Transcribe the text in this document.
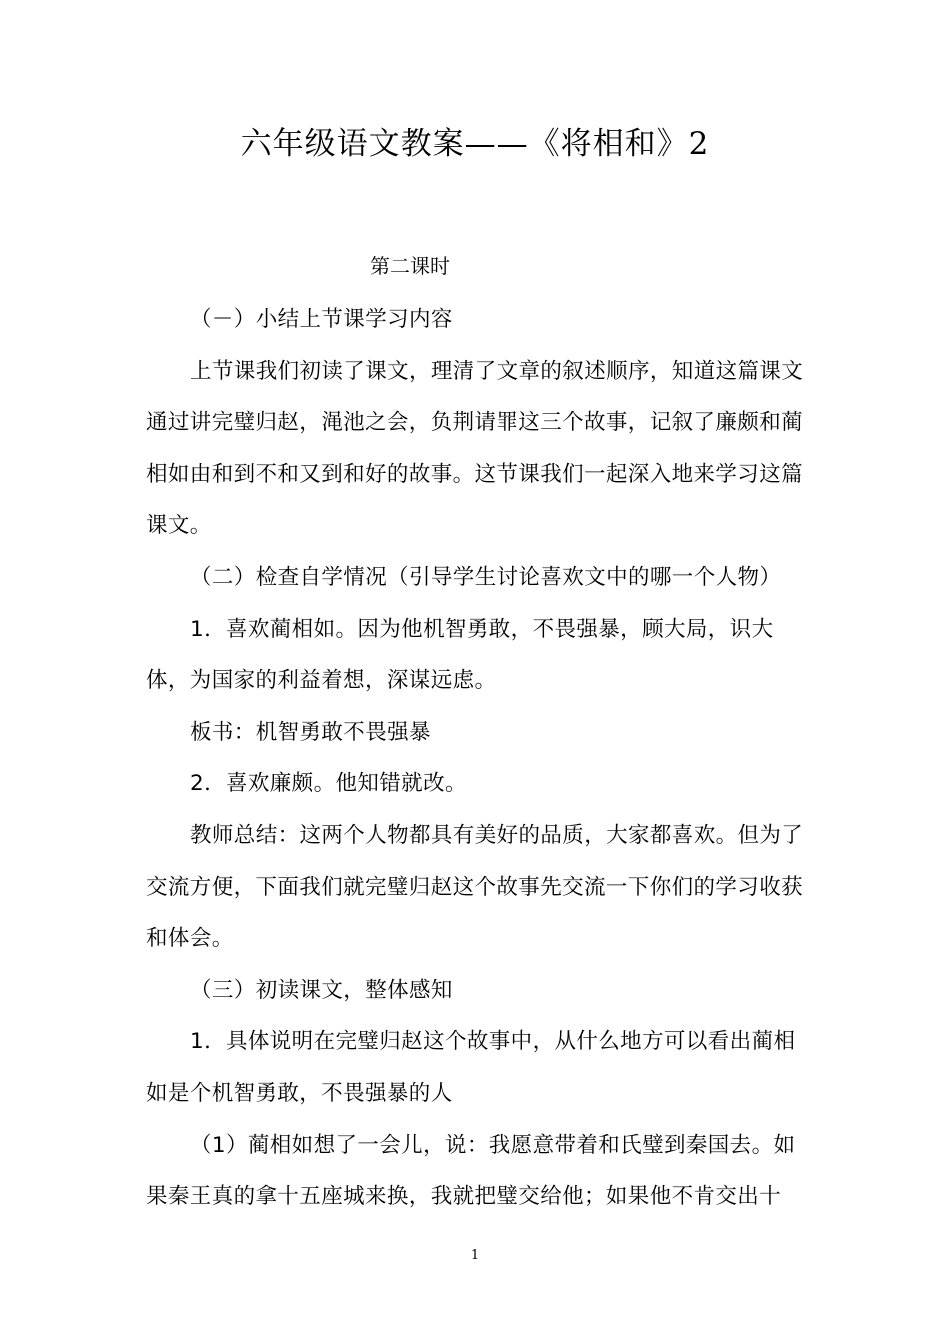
六年级语文教案——《将相和》2
第二课时

（－）小结上节课学习内容

上节课我们初读了课文，理清了文章的叙述顺序，知道这篇课文通过讲完璧归赵，渑池之会，负荆请罪这三个故事，记叙了廉颇和蔺相如由和到不和又到和好的故事。这节课我们一起深入地来学习这篇课文。

（二）检查自学情况（引导学生讨论喜欢文中的哪一个人物）

1．喜欢蔺相如。因为他机智勇敢，不畏强暴，顾大局，识大体，为国家的利益着想，深谋远虑。

板书：机智勇敢不畏强暴

2．喜欢廉颇。他知错就改。

教师总结：这两个人物都具有美好的品质，大家都喜欢。但为了交流方便，下面我们就完璧归赵这个故事先交流一下你们的学习收获和体会。

（三）初读课文，整体感知

1．具体说明在完璧归赵这个故事中，从什么地方可以看出蔺相如是个机智勇敢，不畏强暴的人

（1）蔺相如想了一会儿，说：我愿意带着和氏璧到秦国去。如果秦王真的拿十五座城来换，我就把璧交给他；如果他不肯交出十

1
